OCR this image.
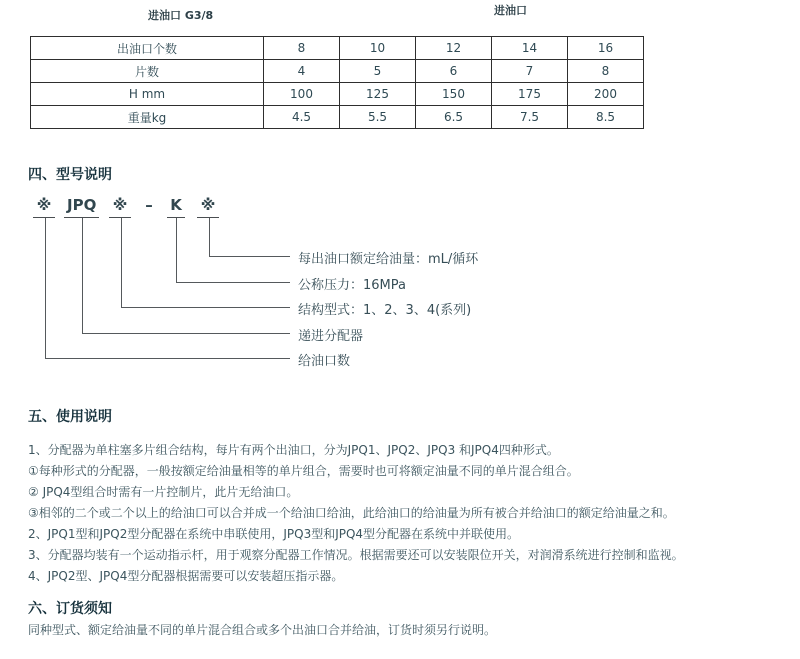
进油口 G3/8	进油口
出油口个数	8	10	12	14	16
片数	4	5	6	7	8
H mm	100	125	150	175	200
重量kg	4.5	5.5	6.5	7.5	8.5
四、型号说明
※ JPQ ※ – K ※
每出油口额定给油量：mL/循环
公称压力：16MPa
结构型式：1、2、3、4(系列)
递进分配器
给油口数
五、使用说明

1、分配器为单柱塞多片组合结构，每片有两个出油口，分为JPQ1、JPQ2、JPQ3 和JPQ4四种形式。

①每种形式的分配器，一般按额定给油量相等的单片组合，需要时也可将额定油量不同的单片混合组合。

② JPQ4型组合时需有一片控制片，此片无给油口。

③相邻的二个或二个以上的给油口可以合并成一个给油口给油，此给油口的给油量为所有被合并给油口的额定给油量之和。

2、JPQ1型和JPQ2型分配器在系统中串联使用，JPQ3型和JPQ4型分配器在系统中并联使用。

3、分配器均装有一个运动指示杆，用于观察分配器工作情况。根据需要还可以安装限位开关，对润滑系统进行控制和监视。

4、JPQ2型、JPQ4型分配器根据需要可以安装超压指示器。

六、订货须知
同种型式、额定给油量不同的单片混合组合或多个出油口合并给油，订货时须另行说明。
